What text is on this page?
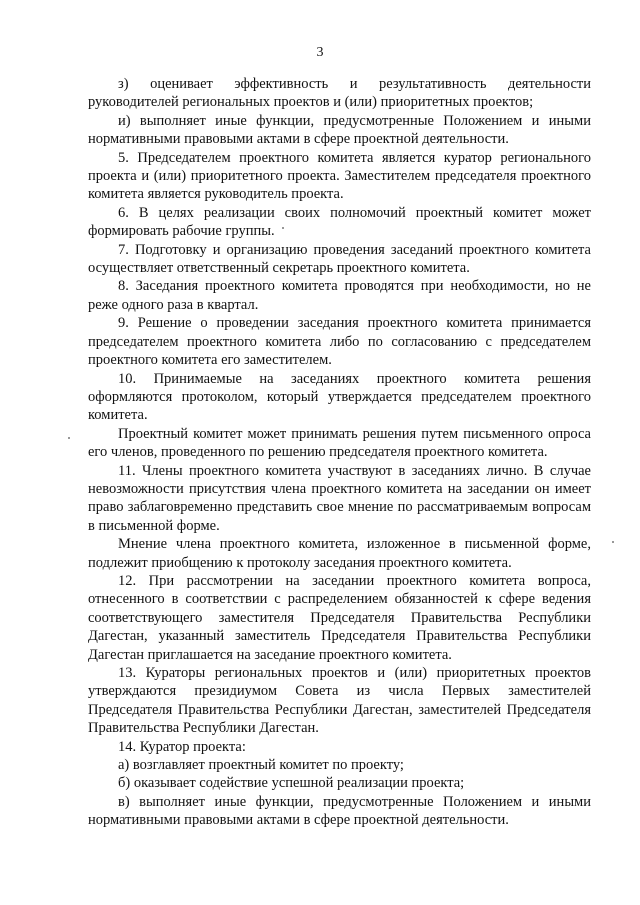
3

з) оценивает эффективность и результативность деятельности руководителей региональных проектов и (или) приоритетных проектов;

и) выполняет иные функции, предусмотренные Положением и иными нормативными правовыми актами в сфере проектной деятельности.

5. Председателем проектного комитета является куратор регионального проекта и (или) приоритетного проекта. Заместителем председателя проектного комитета является руководитель проекта.

6. В целях реализации своих полномочий проектный комитет может формировать рабочие группы.

7. Подготовку и организацию проведения заседаний проектного комитета осуществляет ответственный секретарь проектного комитета.

8. Заседания проектного комитета проводятся при необходимости, но не реже одного раза в квартал.

9. Решение о проведении заседания проектного комитета принимается председателем проектного комитета либо по согласованию с председателем проектного комитета его заместителем.

10. Принимаемые на заседаниях проектного комитета решения оформляются протоколом, который утверждается председателем проектного комитета.

Проектный комитет может принимать решения путем письменного опроса его членов, проведенного по решению председателя проектного комитета.

11. Члены проектного комитета участвуют в заседаниях лично. В случае невозможности присутствия члена проектного комитета на заседании он имеет право заблаговременно представить свое мнение по рассматриваемым вопросам в письменной форме.

Мнение члена проектного комитета, изложенное в письменной форме, подлежит приобщению к протоколу заседания проектного комитета.

12. При рассмотрении на заседании проектного комитета вопроса, отнесенного в соответствии с распределением обязанностей к сфере ведения соответствующего заместителя Председателя Правительства Республики Дагестан, указанный заместитель Председателя Правительства Республики Дагестан приглашается на заседание проектного комитета.

13. Кураторы региональных проектов и (или) приоритетных проектов утверждаются президиумом Совета из числа Первых заместителей Председателя Правительства Республики Дагестан, заместителей Председателя Правительства Республики Дагестан.

14. Куратор проекта:

а) возглавляет проектный комитет по проекту;

б) оказывает содействие успешной реализации проекта;

в) выполняет иные функции, предусмотренные Положением и иными нормативными правовыми актами в сфере проектной деятельности.
